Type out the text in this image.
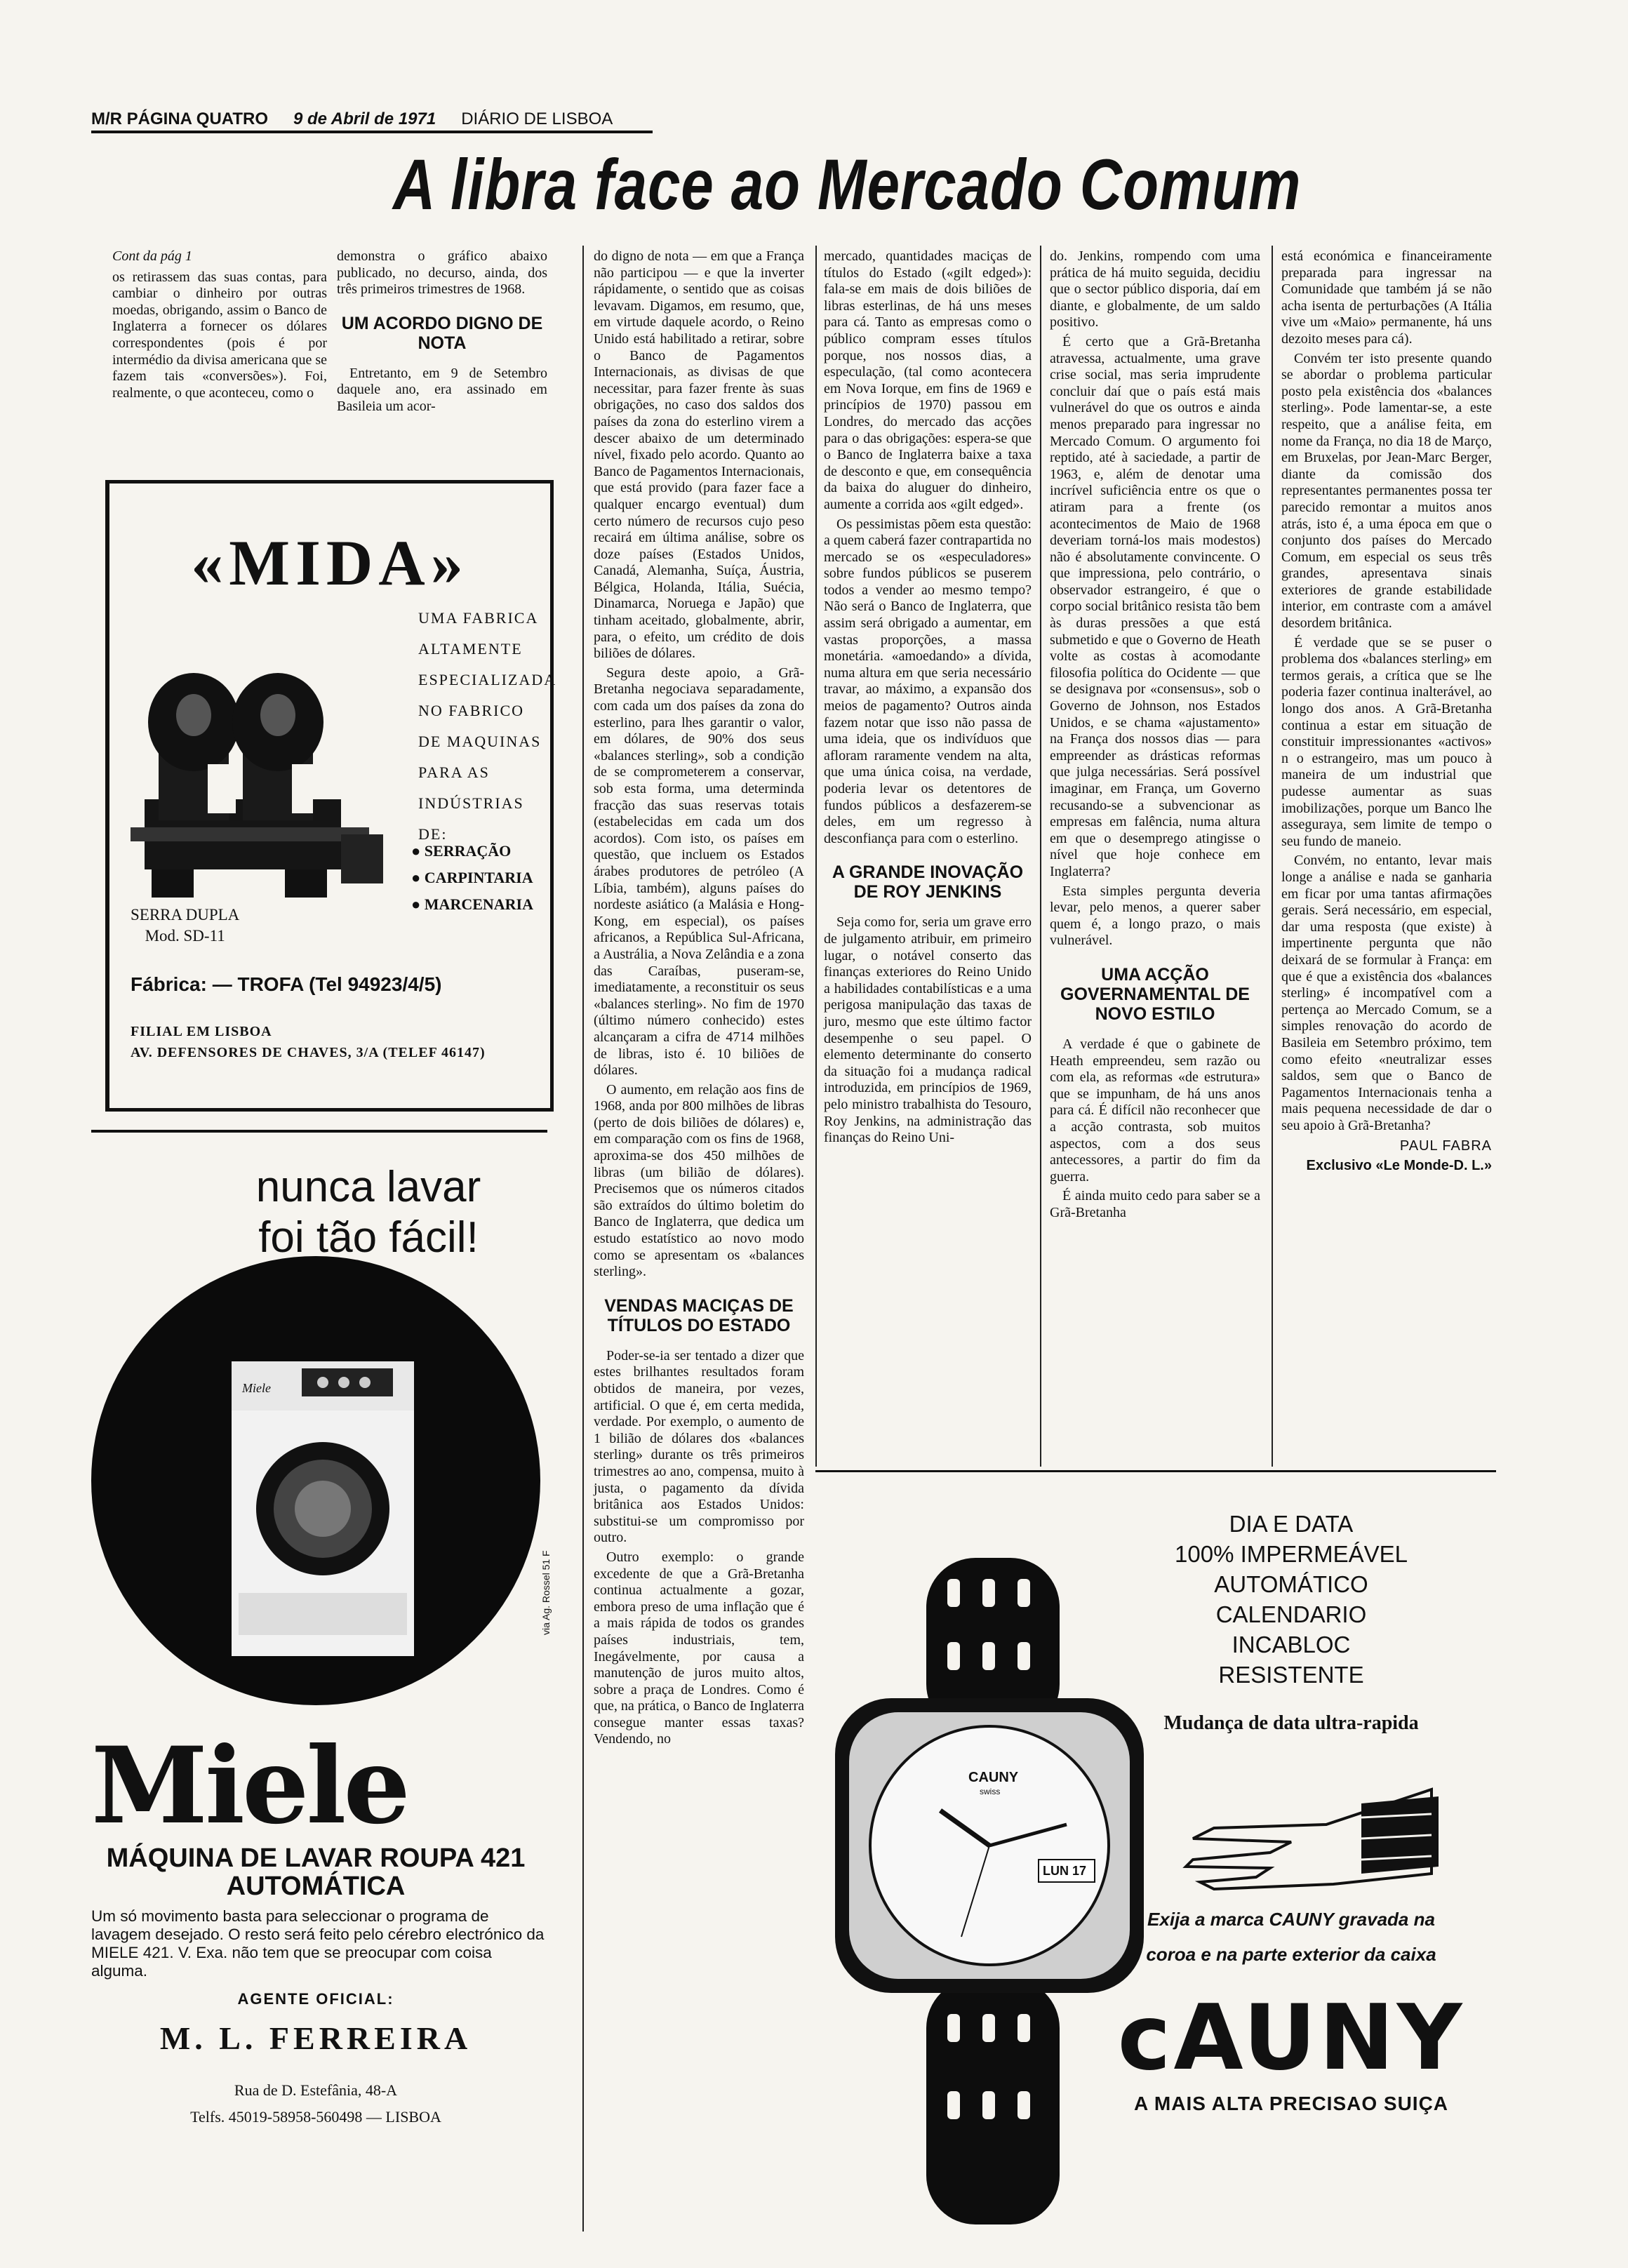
M/R PÁGINA QUATRO 9 de Abril de 1971 DIÁRIO DE LISBOA
A libra face ao Mercado Comum
Cont da pág 1

os retirassem das suas contas, para cambiar o dinheiro por outras moedas, obrigando, assim o Banco de Inglaterra a fornecer os dólares correspondentes (pois é por intermédio da divisa americana que se fazem tais «conversões»). Foi, realmente, o que aconteceu, como o

demonstra o gráfico abaixo publicado, no decurso, ainda, dos três primeiros trimestres de 1968.

UM ACORDO DIGNO DE NOTA

Entretanto, em 9 de Setembro daquele ano, era assinado em Basileia um acor-

do digno de nota — em que a França não participou — e que la inverter rápidamente, o sentido que as coisas levavam. Digamos, em resumo, que, em virtude daquele acordo, o Reino Unido está habilitado a retirar, sobre o Banco de Pagamentos Internacionais, as divisas de que necessitar, para fazer frente às suas obrigações, no caso dos saldos dos países da zona do esterlino virem a descer abaixo de um determinado nível, fixado pelo acordo. Quanto ao Banco de Pagamentos Internacionais, que está provido (para fazer face a qualquer encargo eventual) dum certo número de recursos cujo peso recairá em última análise, sobre os doze países (Estados Unidos, Canadá, Alemanha, Suíça, Áustria, Bélgica, Holanda, Itália, Suécia, Dinamarca, Noruega e Japão) que tinham aceitado, globalmente, abrir, para, o efeito, um crédito de dois biliões de dólares.

Segura deste apoio, a Grã-Bretanha negociava separadamente, com cada um dos países da zona do esterlino, para lhes garantir o valor, em dólares, de 90% dos seus «balances sterling», sob a condição de se comprometerem a conservar, sob esta forma, uma determinda fracção das suas reservas totais (estabelecidas em cada um dos acordos). Com isto, os países em questão, que incluem os Estados árabes produtores de petróleo (A Líbia, também), alguns países do nordeste asiático (a Malásia e Hong-Kong, em especial), os países africanos, a República Sul-Africana, a Austrália, a Nova Zelândia e a zona das Caraíbas, puseram-se, imediatamente, a reconstituir os seus «balances sterling». No fim de 1970 (último número conhecido) estes alcançaram a cifra de 4714 milhões de libras, isto é. 10 biliões de dólares.

O aumento, em relação aos fins de 1968, anda por 800 milhões de libras (perto de dois biliões de dólares) e, em comparação com os fins de 1968, aproxima-se dos 450 milhões de libras (um bilião de dólares). Precisemos que os números citados são extraídos do último boletim do Banco de Inglaterra, que dedica um estudo estatístico ao novo modo como se apresentam os «balances sterling».

VENDAS MACIÇAS DE TÍTULOS DO ESTADO

Poder-se-ia ser tentado a dizer que estes brilhantes resultados foram obtidos de maneira, por vezes, artificial. O que é, em certa medida, verdade. Por exemplo, o aumento de 1 bilião de dólares dos «balances sterling» durante os três primeiros trimestres ao ano, compensa, muito à justa, o pagamento da dívida britânica aos Estados Unidos: substitui-se um compromisso por outro.

Outro exemplo: o grande excedente de que a Grã-Bretanha continua actualmente a gozar, embora preso de uma inflação que é a mais rápida de todos os grandes países industriais, tem, Inegávelmente, por causa a manutenção de juros muito altos, sobre a praça de Londres. Como é que, na prática, o Banco de Inglaterra consegue manter essas taxas? Vendendo, no

mercado, quantidades maciças de títulos do Estado («gilt edged»): fala-se em mais de dois biliões de libras esterlinas, de há uns meses para cá. Tanto as empresas como o público compram esses títulos porque, nos nossos dias, a especulação, (tal como acontecera em Nova Iorque, em fins de 1969 e princípios de 1970) passou em Londres, do mercado das acções para o das obrigações: espera-se que o Banco de Inglaterra baixe a taxa de desconto e que, em consequência da baixa do aluguer do dinheiro, aumente a corrida aos «gilt edged».

Os pessimistas põem esta questão: a quem caberá fazer contrapartida no mercado se os «especuladores» sobre fundos públicos se puserem todos a vender ao mesmo tempo? Não será o Banco de Inglaterra, que assim será obrigado a aumentar, em vastas proporções, a massa monetária. «amoedando» a dívida, numa altura em que seria necessário travar, ao máximo, a expansão dos meios de pagamento? Outros ainda fazem notar que isso não passa de uma ideia, que os indivíduos que afloram raramente vendem na alta, que uma única coisa, na verdade, poderia levar os detentores de fundos públicos a desfazerem-se deles, em um regresso à desconfiança para com o esterlino.

A GRANDE INOVAÇÃO DE ROY JENKINS

Seja como for, seria um grave erro de julgamento atribuir, em primeiro lugar, o notável conserto das finanças exteriores do Reino Unido a habilidades contabilísticas e a uma perigosa manipulação das taxas de juro, mesmo que este último factor desempenhe o seu papel. O elemento determinante do conserto da situação foi a mudança radical introduzida, em princípios de 1969, pelo ministro trabalhista do Tesouro, Roy Jenkins, na administração das finanças do Reino Uni-

do. Jenkins, rompendo com uma prática de há muito seguida, decidiu que o sector público disporia, daí em diante, e globalmente, de um saldo positivo.

É certo que a Grã-Bretanha atravessa, actualmente, uma grave crise social, mas seria imprudente concluir daí que o país está mais vulnerável do que os outros e ainda menos preparado para ingressar no Mercado Comum. O argumento foi reptido, até à saciedade, a partir de 1963, e, além de denotar uma incrível suficiência entre os que o atiram para a frente (os acontecimentos de Maio de 1968 deveriam torná-los mais modestos) não é absolutamente convincente. O que impressiona, pelo contrário, o observador estrangeiro, é que o corpo social britânico resista tão bem às duras pressões a que está submetido e que o Governo de Heath volte as costas à acomodante filosofia política do Ocidente — que se designava por «consensus», sob o Governo de Johnson, nos Estados Unidos, e se chama «ajustamento» na França dos nossos dias — para empreender as drásticas reformas que julga necessárias. Será possível imaginar, em França, um Governo recusando-se a subvencionar as empresas em falência, numa altura em que o desemprego atingisse o nível que hoje conhece em Inglaterra?

Esta simples pergunta deveria levar, pelo menos, a querer saber quem é, a longo prazo, o mais vulnerável.

UMA ACÇÃO GOVERNAMENTAL DE NOVO ESTILO

A verdade é que o gabinete de Heath empreendeu, sem razão ou com ela, as reformas «de estrutura» que se impunham, de há uns anos para cá. É difícil não reconhecer que a acção contrasta, sob muitos aspectos, com a dos seus antecessores, a partir do fim da guerra.

É ainda muito cedo para saber se a Grã-Bretanha

está económica e financeiramente preparada para ingressar na Comunidade que também já se não acha isenta de perturbações (A Itália vive um «Maio» permanente, há uns dezoito meses para cá).

Convém ter isto presente quando se abordar o problema particular posto pela existência dos «balances sterling». Pode lamentar-se, a este respeito, que a análise feita, em nome da França, no dia 18 de Março, em Bruxelas, por Jean-Marc Berger, diante da comissão dos representantes permanentes possa ter parecido remontar a muitos anos atrás, isto é, a uma época em que o conjunto dos países do Mercado Comum, em especial os seus três grandes, apresentava sinais exteriores de grande estabilidade interior, em contraste com a amável desordem britânica.

É verdade que se se puser o problema dos «balances sterling» em termos gerais, a crítica que se lhe poderia fazer continua inalterável, ao longo dos anos. A Grã-Bretanha continua a estar em situação de constituir impressionantes «activos» n o estrangeiro, mas um pouco à maneira de um industrial que pudesse aumentar as suas imobilizações, porque um Banco lhe asseguraya, sem limite de tempo o seu fundo de maneio.

Convém, no entanto, levar mais longe a análise e nada se ganharia em ficar por uma tantas afirmações gerais. Será necessário, em especial, dar uma resposta (que existe) à impertinente pergunta que não deixará de se formular à França: em que é que a existência dos «balances sterling» é incompatível com a pertença ao Mercado Comum, se a simples renovação do acordo de Basileia em Setembro próximo, tem como efeito «neutralizar esses saldos, sem que o Banco de Pagamentos Internacionais tenha a mais pequena necessidade de dar o seu apoio à Grã-Bretanha?

PAUL FABRA
Exclusivo «Le Monde-D. L.»
«MIDA»
UMA FABRICA ALTAMENTE ESPECIALIZADA NO FABRICO DE MAQUINAS PARA AS INDÚSTRIAS DE:
● SERRAÇÃO
● CARPINTARIA
● MARCENARIA
SERRA DUPLA
Mod. SD-11
Fábrica: — TROFA (Tel 94923/4/5)
FILIAL EM LISBOA
AV. DEFENSORES DE CHAVES, 3/A (TELEF 46147)
nunca lavar
foi tão fácil!
Miele
via Ag. Rossel 51 F
Miele
MÁQUINA DE LAVAR ROUPA 421
AUTOMÁTICA
Um só movimento basta para seleccionar o programa de lavagem desejado. O resto será feito pelo cérebro electrónico da MIELE 421. V. Exa. não tem que se preocupar com coisa alguma.
AGENTE OFICIAL:
M. L. FERREIRA
Rua de D. Estefânia, 48-A
Telfs. 45019-58958-560498 — LISBOA
CAUNY
swiss
LUN 17
DIA E DATA
100% IMPERMEÁVEL
AUTOMÁTICO
CALENDARIO
INCABLOC
RESISTENTE
Mudança de data ultra-rapida
Exija a marca CAUNY gravada na
coroa e na parte exterior da caixa
cAUNY
A MAIS ALTA PRECISAO SUIÇA
